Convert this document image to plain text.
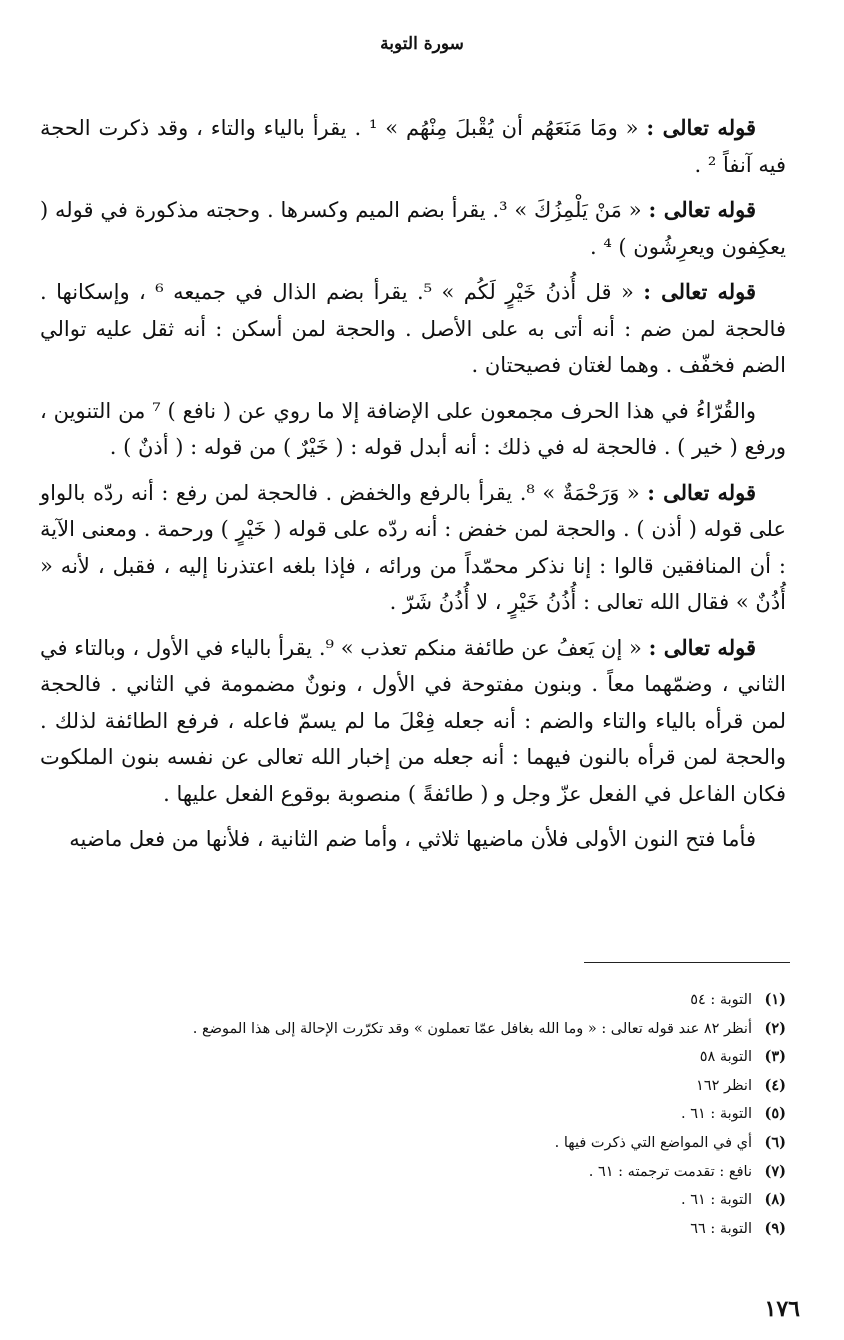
سورة التوبة

قوله تعالى : « ومَا مَنَعَهُم أن يُقْبلَ مِنْهُم » ¹ . يقرأ بالياء والتاء ، وقد ذكرت الحجة فيه آنفاً ² .

قوله تعالى : « مَنْ يَلْمِزُكَ » ³. يقرأ بضم الميم وكسرها . وحجته مذكورة في قوله ( يعكِفون ويعرِشُون ) ⁴ .

قوله تعالى : « قل أُذنُ خَيْرٍ لَكُم » ⁵. يقرأ بضم الذال في جميعه ⁶ ، وإسكانها . فالحجة لمن ضم : أنه أتى به على الأصل . والحجة لمن أسكن : أنه ثقل عليه توالي الضم فخفّف . وهما لغتان فصيحتان .

والقُرّاءُ في هذا الحرف مجمعون على الإضافة إلا ما روي عن ( نافع ) ⁷ من التنوين ، ورفع ( خير ) . فالحجة له في ذلك : أنه أبدل قوله : ( خَيْرٌ ) من قوله : ( أذنٌ ) .

قوله تعالى : « وَرَحْمَةٌ » ⁸. يقرأ بالرفع والخفض . فالحجة لمن رفع : أنه ردّه بالواو على قوله ( أذن ) . والحجة لمن خفض : أنه ردّه على قوله ( خَيْرٍ ) ورحمة . ومعنى الآية : أن المنافقين قالوا : إنا نذكر محمّداً من ورائه ، فإذا بلغه اعتذرنا إليه ، فقبل ، لأنه « أُذُنٌ » فقال الله تعالى : أُذُنُ خَيْرٍ ، لا أُذُنُ شَرّ .

قوله تعالى : « إن يَعفُ عن طائفة منكم تعذب » ⁹. يقرأ بالياء في الأول ، وبالتاء في الثاني ، وضمّهما معاً . وبنون مفتوحة في الأول ، ونونٌ مضمومة في الثاني . فالحجة لمن قرأه بالياء والتاء والضم : أنه جعله فِعْلَ ما لم يسمّ فاعله ، فرفع الطائفة لذلك . والحجة لمن قرأه بالنون فيهما : أنه جعله من إخبار الله تعالى عن نفسه بنون الملكوت فكان الفاعل في الفعل عزّ وجل و ( طائفةً ) منصوبة بوقوع الفعل عليها .

فأما فتح النون الأولى فلأن ماضيها ثلاثي ، وأما ضم الثانية ، فلأنها من فعل ماضيه

(١)التوبة : ٥٤
(٢)أنظر ٨٢ عند قوله تعالى : « وما الله بغافل عمّا تعملون » وقد تكرّرت الإحالة إلى هذا الموضع .
(٣)التوبة ٥٨
(٤)انظر ١٦٢
(٥)التوبة : ٦١ .
(٦)أي في المواضع التي ذكرت فيها .
(٧)نافع : تقدمت ترجمته : ٦١ .
(٨)التوبة : ٦١ .
(٩)التوبة : ٦٦
١٧٦
